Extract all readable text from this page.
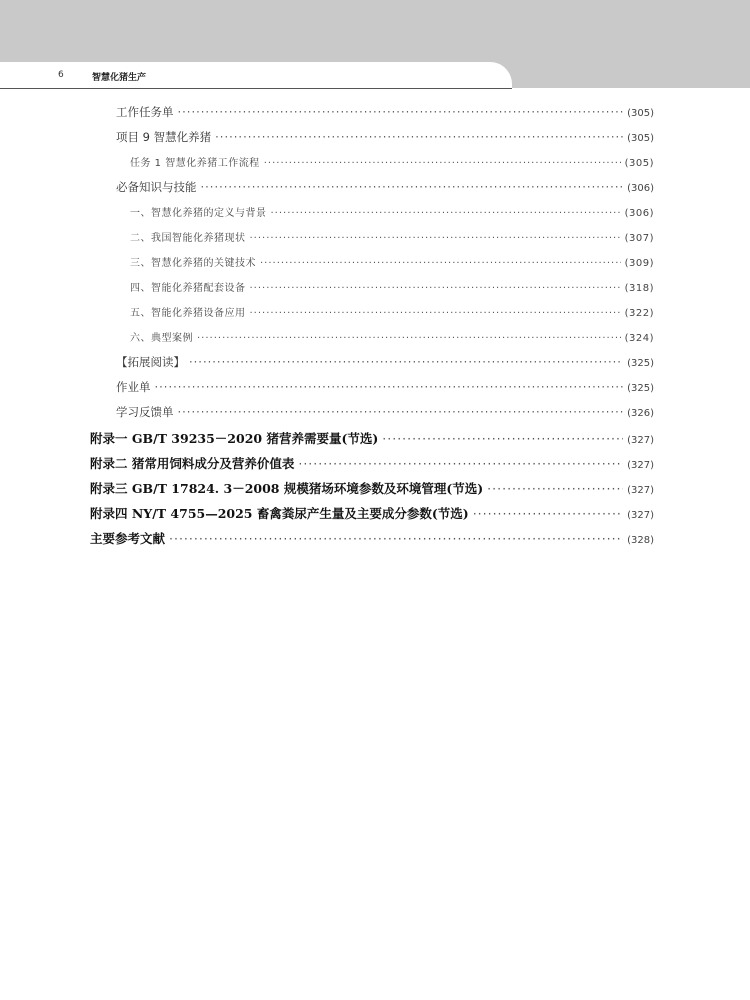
6	智慧化猪生产
工作任务单 ·····	(305)
项目 9 智慧化养猪 ·····	(305)
任务 1 智慧化养猪工作流程 ·····	(305)
必备知识与技能 ·····	(306)
一、智慧化养猪的定义与背景 ·····	(306)
二、我国智能化养猪现状 ·····	(307)
三、智慧化养猪的关键技术 ·····	(309)
四、智能化养猪配套设备 ·····	(318)
五、智能化养猪设备应用 ·····	(322)
六、典型案例 ·····	(324)
【拓展阅读】 ·····	(325)
作业单 ·····	(325)
学习反馈单 ·····	(326)
附录一 GB/T 39235－2020 猪营养需要量(节选) ·····	(327)
附录二 猪常用饲料成分及营养价值表 ·····	(327)
附录三 GB/T 17824. 3－2008 规模猪场环境参数及环境管理(节选) ·····	(327)
附录四 NY/T 4755—2025 畜禽粪尿产生量及主要成分参数(节选) ·····	(327)
主要参考文献 ·····	(328)
